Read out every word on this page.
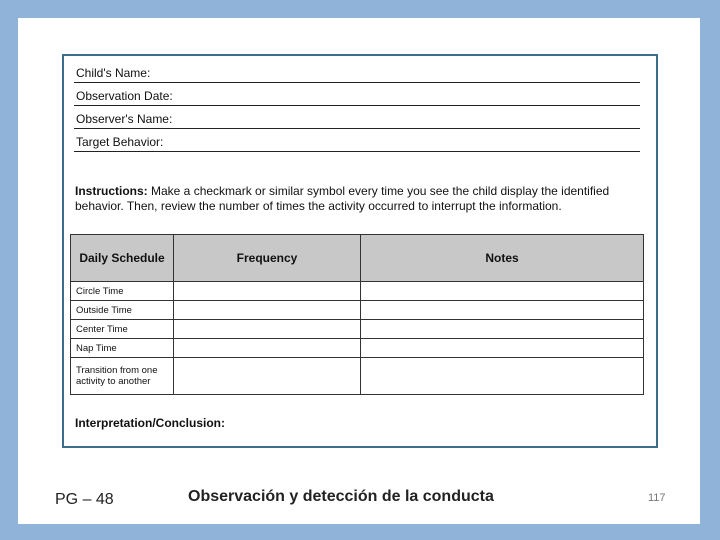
Child's Name:
Observation Date:
Observer's Name:
Target Behavior:
Instructions: Make a checkmark or similar symbol every time you see the child display the identified behavior. Then, review the number of times the activity occurred to interrupt the information.
Daily Schedule	Frequency	Notes
Circle Time		
Outside Time		
Center Time		
Nap Time		
Transition from one activity to another		
Interpretation/Conclusion:
PG – 48	Observación y detección de la conducta	117
